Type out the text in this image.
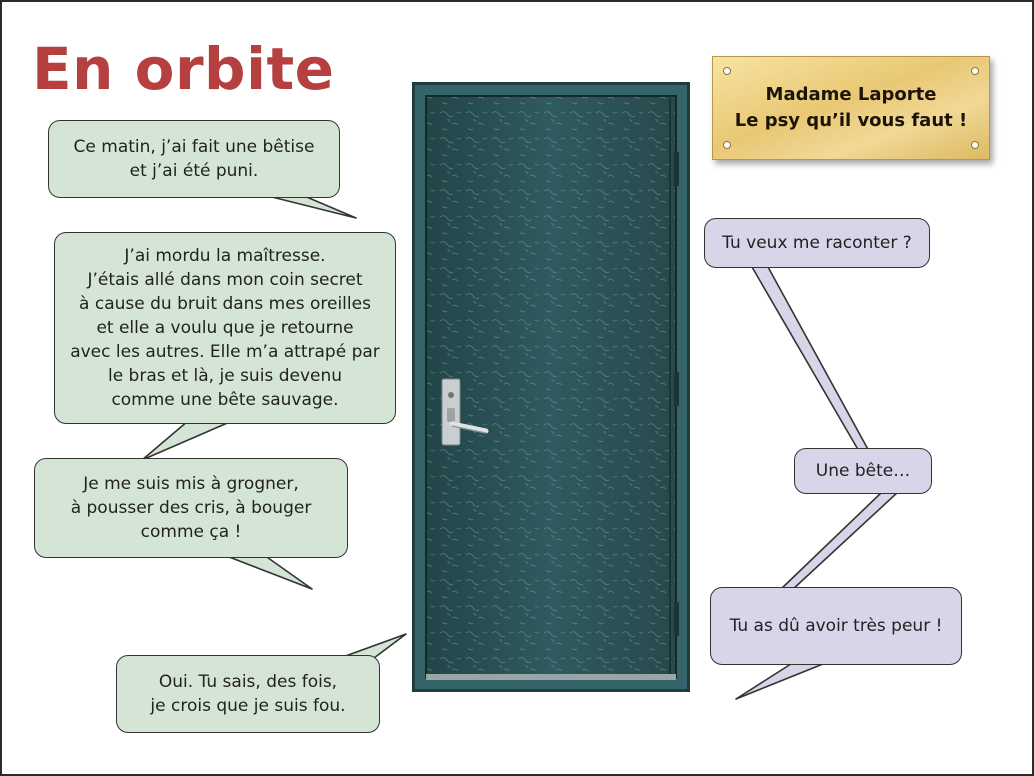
En orbite
Ce matin, j’ai fait une bêtise
et j’ai été puni.
J’ai mordu la maîtresse.
J’étais allé dans mon coin secret
à cause du bruit dans mes oreilles
et elle a voulu que je retourne
avec les autres. Elle m’a attrapé par
le bras et là, je suis devenu
comme une bête sauvage.
Je me suis mis à grogner,
à pousser des cris, à bouger
comme ça !
Oui. Tu sais, des fois,
je crois que je suis fou.
Tu veux me raconter ?
Une bête…
Tu as dû avoir très peur !
Madame Laporte
Le psy qu’il vous faut !
